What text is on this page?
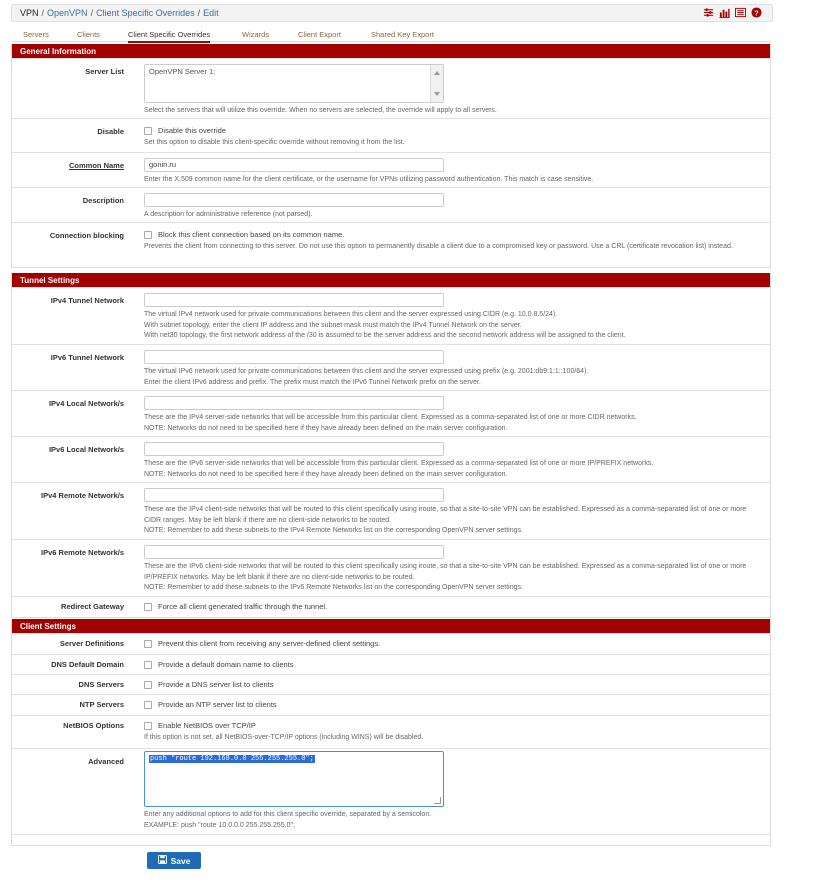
VPN / OpenVPN / Client Specific Overrides / Edit	?
Servers	Clients	Client Specific Overrides	Wizards	Client Export	Shared Key Export
General Information
Server List	OpenVPN Server 1:
Select the servers that will utilize this override. When no servers are selected, the override will apply to all servers.
Disable	Disable this override
Set this option to disable this client-specific override without removing it from the list.
Common Name	gonin.ru
Enter the X.509 common name for the client certificate, or the username for VPNs utilizing password authentication. This match is case sensitive.
Description
A description for administrative reference (not parsed).
Connection blocking	Block this client connection based on its common name.
Prevents the client from connecting to this server. Do not use this option to permanently disable a client due to a compromised key or password. Use a CRL (certificate revocation list) instead.
Tunnel Settings
IPv4 Tunnel Network
The virtual IPv4 network used for private communications between this client and the server expressed using CIDR (e.g. 10.0.8.5/24).
With subnet topology, enter the client IP address and the subnet mask must match the IPv4 Tunnel Network on the server.
With net30 topology, the first network address of the /30 is assumed to be the server address and the second network address will be assigned to the client.
IPv6 Tunnel Network
The virtual IPv6 network used for private communications between this client and the server expressed using prefix (e.g. 2001:db9:1:1::100/64).
Enter the client IPv6 address and prefix. The prefix must match the IPv6 Tunnel Network prefix on the server.
IPv4 Local Network/s
These are the IPv4 server-side networks that will be accessible from this particular client. Expressed as a comma-separated list of one or more CIDR networks.
NOTE: Networks do not need to be specified here if they have already been defined on the main server configuration.
IPv6 Local Network/s
These are the IPv6 server-side networks that will be accessible from this particular client. Expressed as a comma-separated list of one or more IP/PREFIX networks.
NOTE: Networks do not need to be specified here if they have already been defined on the main server configuration.
IPv4 Remote Network/s
These are the IPv4 client-side networks that will be routed to this client specifically using iroute, so that a site-to-site VPN can be established. Expressed as a comma-separated list of one or more CIDR ranges. May be left blank if there are no client-side networks to be routed.
NOTE: Remember to add these subnets to the IPv4 Remote Networks list on the corresponding OpenVPN server settings.
IPv6 Remote Network/s
These are the IPv6 client-side networks that will be routed to this client specifically using iroute, so that a site-to-site VPN can be established. Expressed as a comma-separated list of one or more IP/PREFIX networks. May be left blank if there are no client-side networks to be routed.
NOTE: Remember to add these subnets to the IPv6 Remote Networks list on the corresponding OpenVPN server settings.
Redirect Gateway	Force all client generated traffic through the tunnel.
Client Settings
Server Definitions	Prevent this client from receiving any server-defined client settings.
DNS Default Domain	Provide a default domain name to clients
DNS Servers	Provide a DNS server list to clients
NTP Servers	Provide an NTP server list to clients
NetBIOS Options	Enable NetBIOS over TCP/IP
If this option is not set, all NetBIOS-over-TCP/IP options (including WINS) will be disabled.
Advanced	push "route 192.168.0.0 255.255.255.0";
Enter any additional options to add for this client specific override, separated by a semicolon.
EXAMPLE: push "route 10.0.0.0 255.255.255.0";
Save
